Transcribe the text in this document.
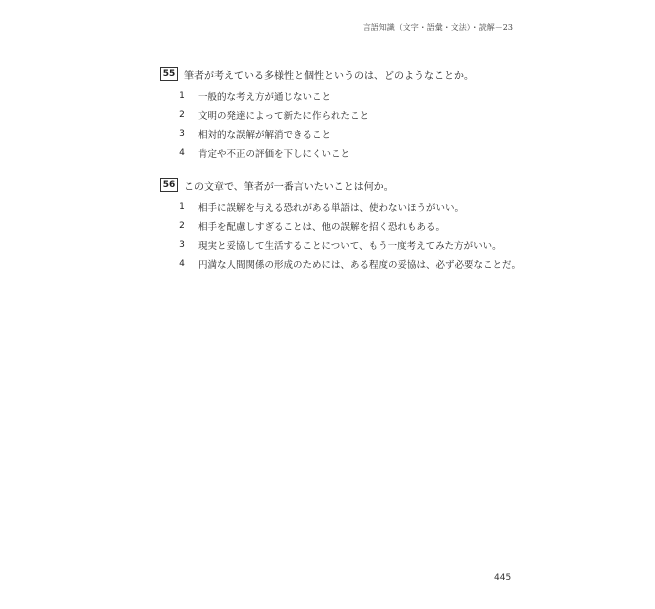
言語知識（文字・語彙・文法）・読解－23
55 筆者が考えている多様性と個性というのは、どのようなことか。
1	一般的な考え方が通じないこと
2	文明の発達によって新たに作られたこと
3	相対的な誤解が解消できること
4	肯定や不正の評価を下しにくいこと
56 この文章で、筆者が一番言いたいことは何か。
1	相手に誤解を与える恐れがある単語は、使わないほうがいい。
2	相手を配慮しすぎることは、他の誤解を招く恐れもある。
3	現実と妥協して生活することについて、もう一度考えてみた方がいい。
4	円満な人間関係の形成のためには、ある程度の妥協は、必ず必要なことだ。
445
